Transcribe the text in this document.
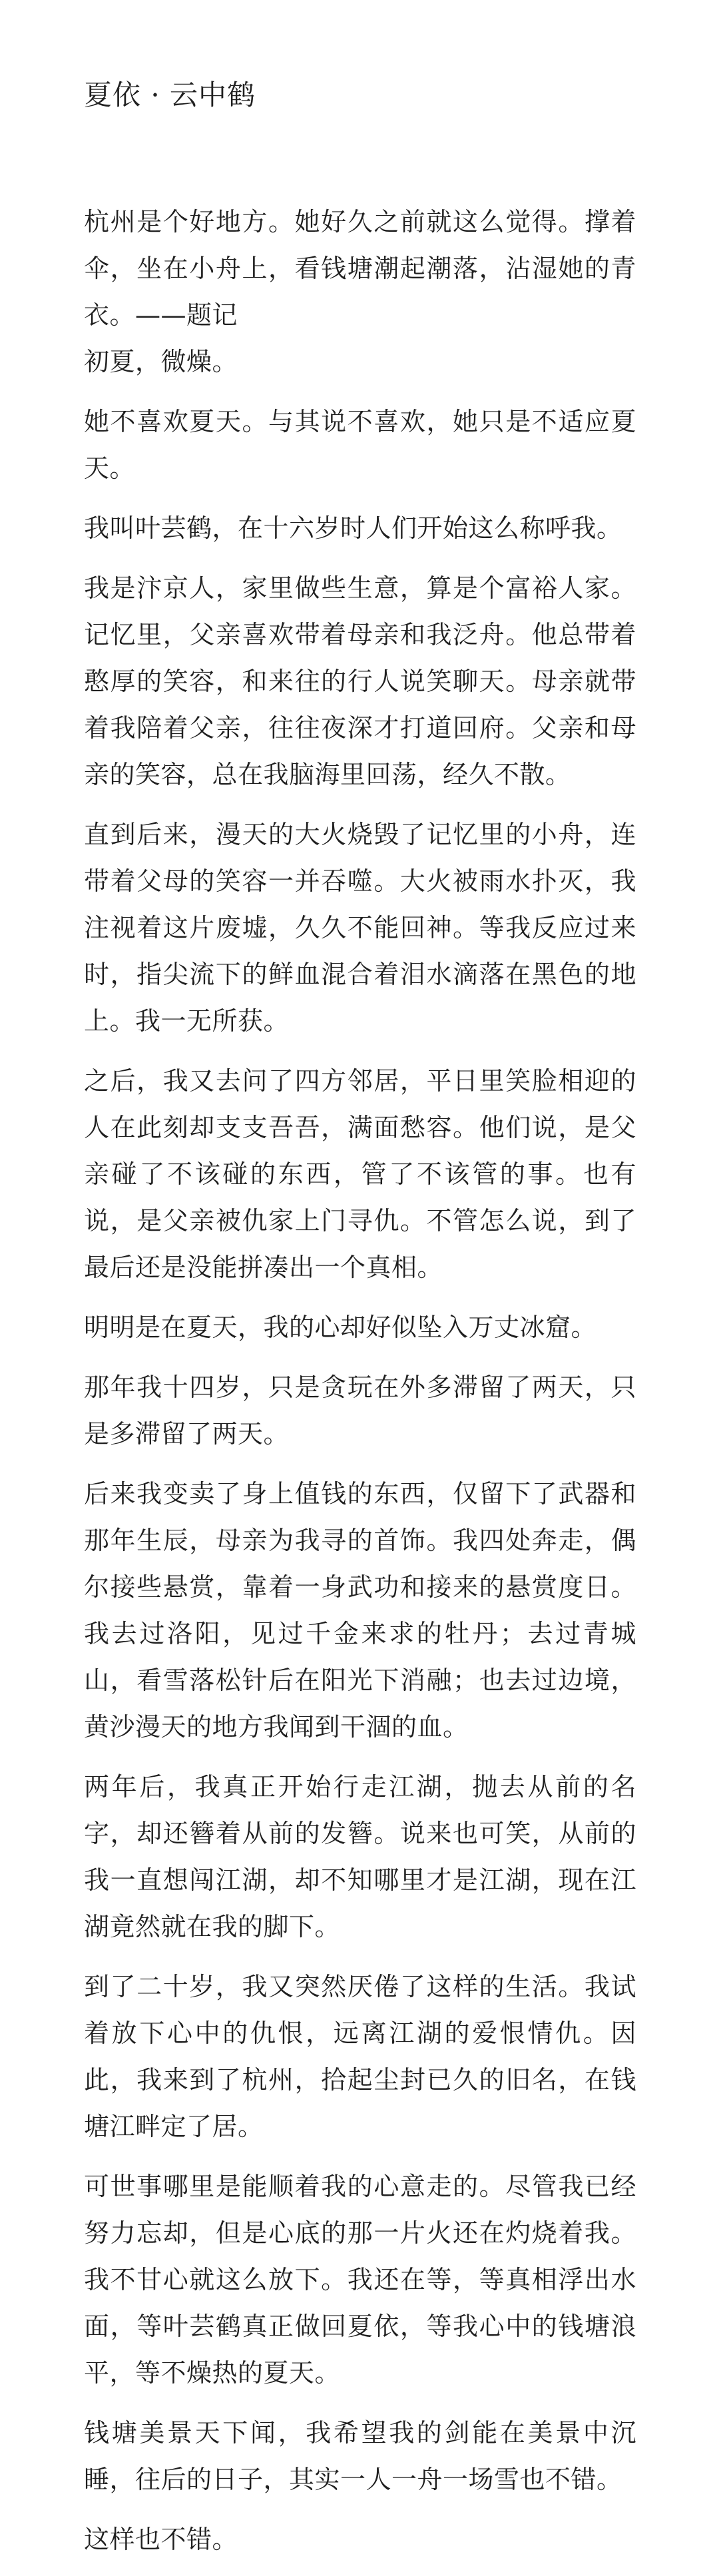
夏依 · 云中鹤

杭州是个好地方。她好久之前就这么觉得。撑着伞，坐在小舟上，看钱塘潮起潮落，沾湿她的青衣。——题记

初夏，微燥。

她不喜欢夏天。与其说不喜欢，她只是不适应夏天。

我叫叶芸鹤，在十六岁时人们开始这么称呼我。

我是汴京人，家里做些生意，算是个富裕人家。记忆里，父亲喜欢带着母亲和我泛舟。他总带着憨厚的笑容，和来往的行人说笑聊天。母亲就带着我陪着父亲，往往夜深才打道回府。父亲和母亲的笑容，总在我脑海里回荡，经久不散。

直到后来，漫天的大火烧毁了记忆里的小舟，连带着父母的笑容一并吞噬。大火被雨水扑灭，我注视着这片废墟，久久不能回神。等我反应过来时，指尖流下的鲜血混合着泪水滴落在黑色的地上。我一无所获。

之后，我又去问了四方邻居，平日里笑脸相迎的人在此刻却支支吾吾，满面愁容。他们说，是父亲碰了不该碰的东西，管了不该管的事。也有说，是父亲被仇家上门寻仇。不管怎么说，到了最后还是没能拼凑出一个真相。

明明是在夏天，我的心却好似坠入万丈冰窟。

那年我十四岁，只是贪玩在外多滞留了两天，只是多滞留了两天。

后来我变卖了身上值钱的东西，仅留下了武器和那年生辰，母亲为我寻的首饰。我四处奔走，偶尔接些悬赏，靠着一身武功和接来的悬赏度日。我去过洛阳，见过千金来求的牡丹；去过青城山，看雪落松针后在阳光下消融；也去过边境，黄沙漫天的地方我闻到干涸的血。

两年后，我真正开始行走江湖，抛去从前的名字，却还簪着从前的发簪。说来也可笑，从前的我一直想闯江湖，却不知哪里才是江湖，现在江湖竟然就在我的脚下。

到了二十岁，我又突然厌倦了这样的生活。我试着放下心中的仇恨，远离江湖的爱恨情仇。因此，我来到了杭州，拾起尘封已久的旧名，在钱塘江畔定了居。

可世事哪里是能顺着我的心意走的。尽管我已经努力忘却，但是心底的那一片火还在灼烧着我。我不甘心就这么放下。我还在等，等真相浮出水面，等叶芸鹤真正做回夏依，等我心中的钱塘浪平，等不燥热的夏天。

钱塘美景天下闻，我希望我的剑能在美景中沉睡，往后的日子，其实一人一舟一场雪也不错。

这样也不错。
